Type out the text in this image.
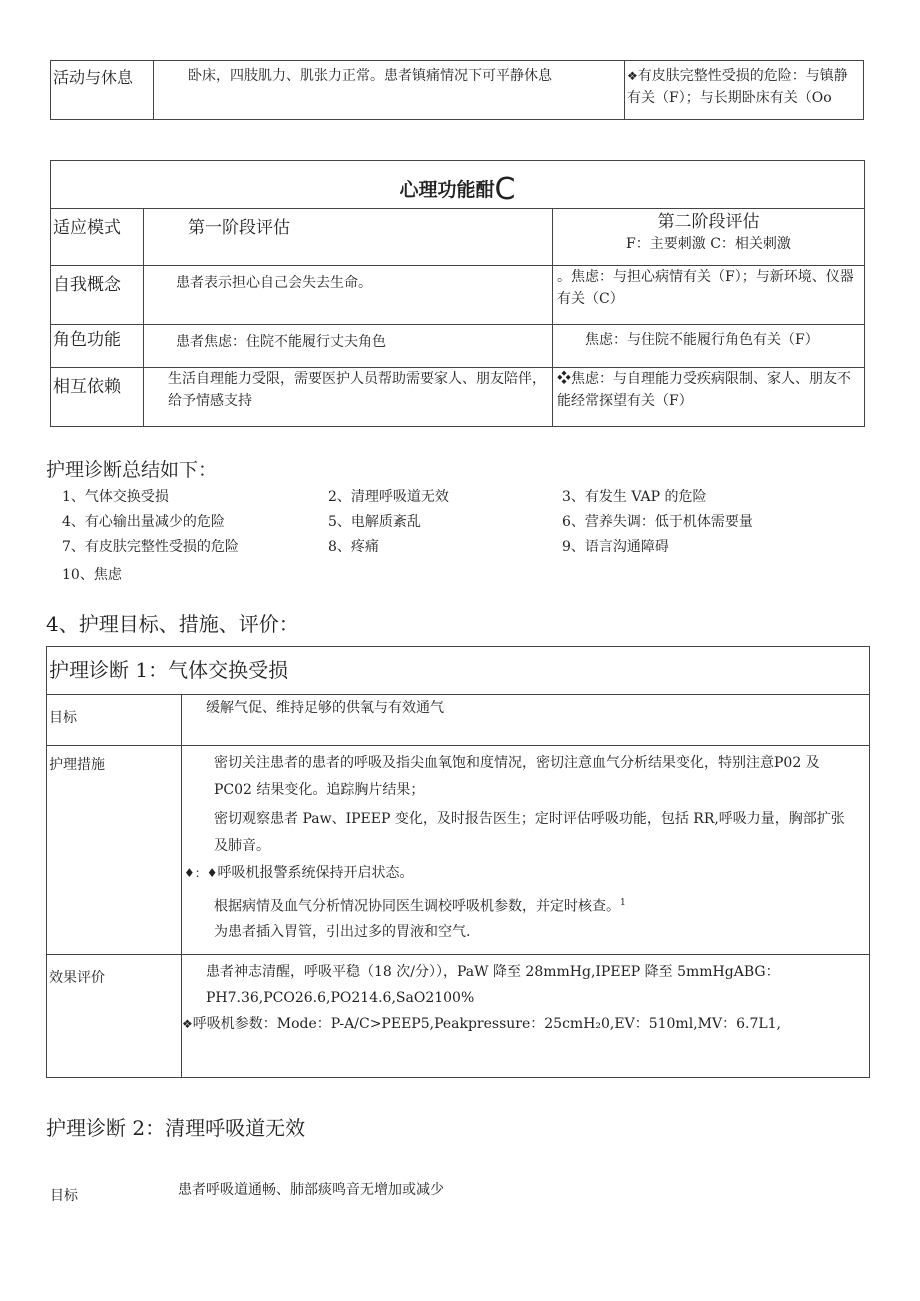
活动与休息	卧床，四肢肌力、肌张力正常。患者镇痛情况下可平静休息	❖有皮肤完整性受损的危险：与镇静有关（F）；与长期卧床有关（Oo
心理功能酣C		
适应模式	第一阶段评估	第二阶段评估
F：主要刺激 C：相关刺激

自我概念	患者表示担心自己会失去生命。	。焦虑：与担心病情有关（F）；与新环境、仪器有关（C）
角色功能	患者焦虑：住院不能履行丈夫角色	焦虑：与住院不能履行角色有关（F）
相互依赖	生活自理能力受限，需要医护人员帮助需要家人、朋友陪伴，给予情感支持	❖焦虑：与自理能力受疾病限制、家人、朋友不能经常探望有关（F）
护理诊断总结如下：
1、气体交换受损	2、清理呼吸道无效	3、有发生 VAP 的危险
4、有心输出量减少的危险	5、电解质紊乱	6、营养失调：低于机体需要量
7、有皮肤完整性受损的危险	8、疼痛	9、语言沟通障碍
10、焦虑
4、护理目标、措施、评价：
护理诊断 1：气体交换受损	
目标	缓解气促、维持足够的供氧与有效通气
护理措施	密切关注患者的患者的呼吸及指尖血氧饱和度情况，密切注意血气分析结果变化，特别注意P02 及 PC02 结果变化。追踪胸片结果；

密切观察患者 Paw、IPEEP 变化，及时报告医生；定时评估呼吸功能，包括 RR,呼吸力量，胸部扩张及肺音。

♦：♦呼吸机报警系统保持开启状态。

根据病情及血气分析情况协同医生调校呼吸机参数，并定时核查。$^1$

为患者插入胃管，引出过多的胃液和空气.

效果评价	患者神志清醒，呼吸平稳（18 次/分）），PaW 降至 28mmHg,IPEEP 降至 5mmHgABG：PH7.36,PCO26.6,PO214.6,SaO2100%
❖呼吸机参数：Mode：P-A/C>PEEP5,Peakpressure：25cmH₂0,EV：510ml,MV：6.7L1,
护理诊断 2：清理呼吸道无效
目标	患者呼吸道通畅、肺部痰鸣音无增加或减少
